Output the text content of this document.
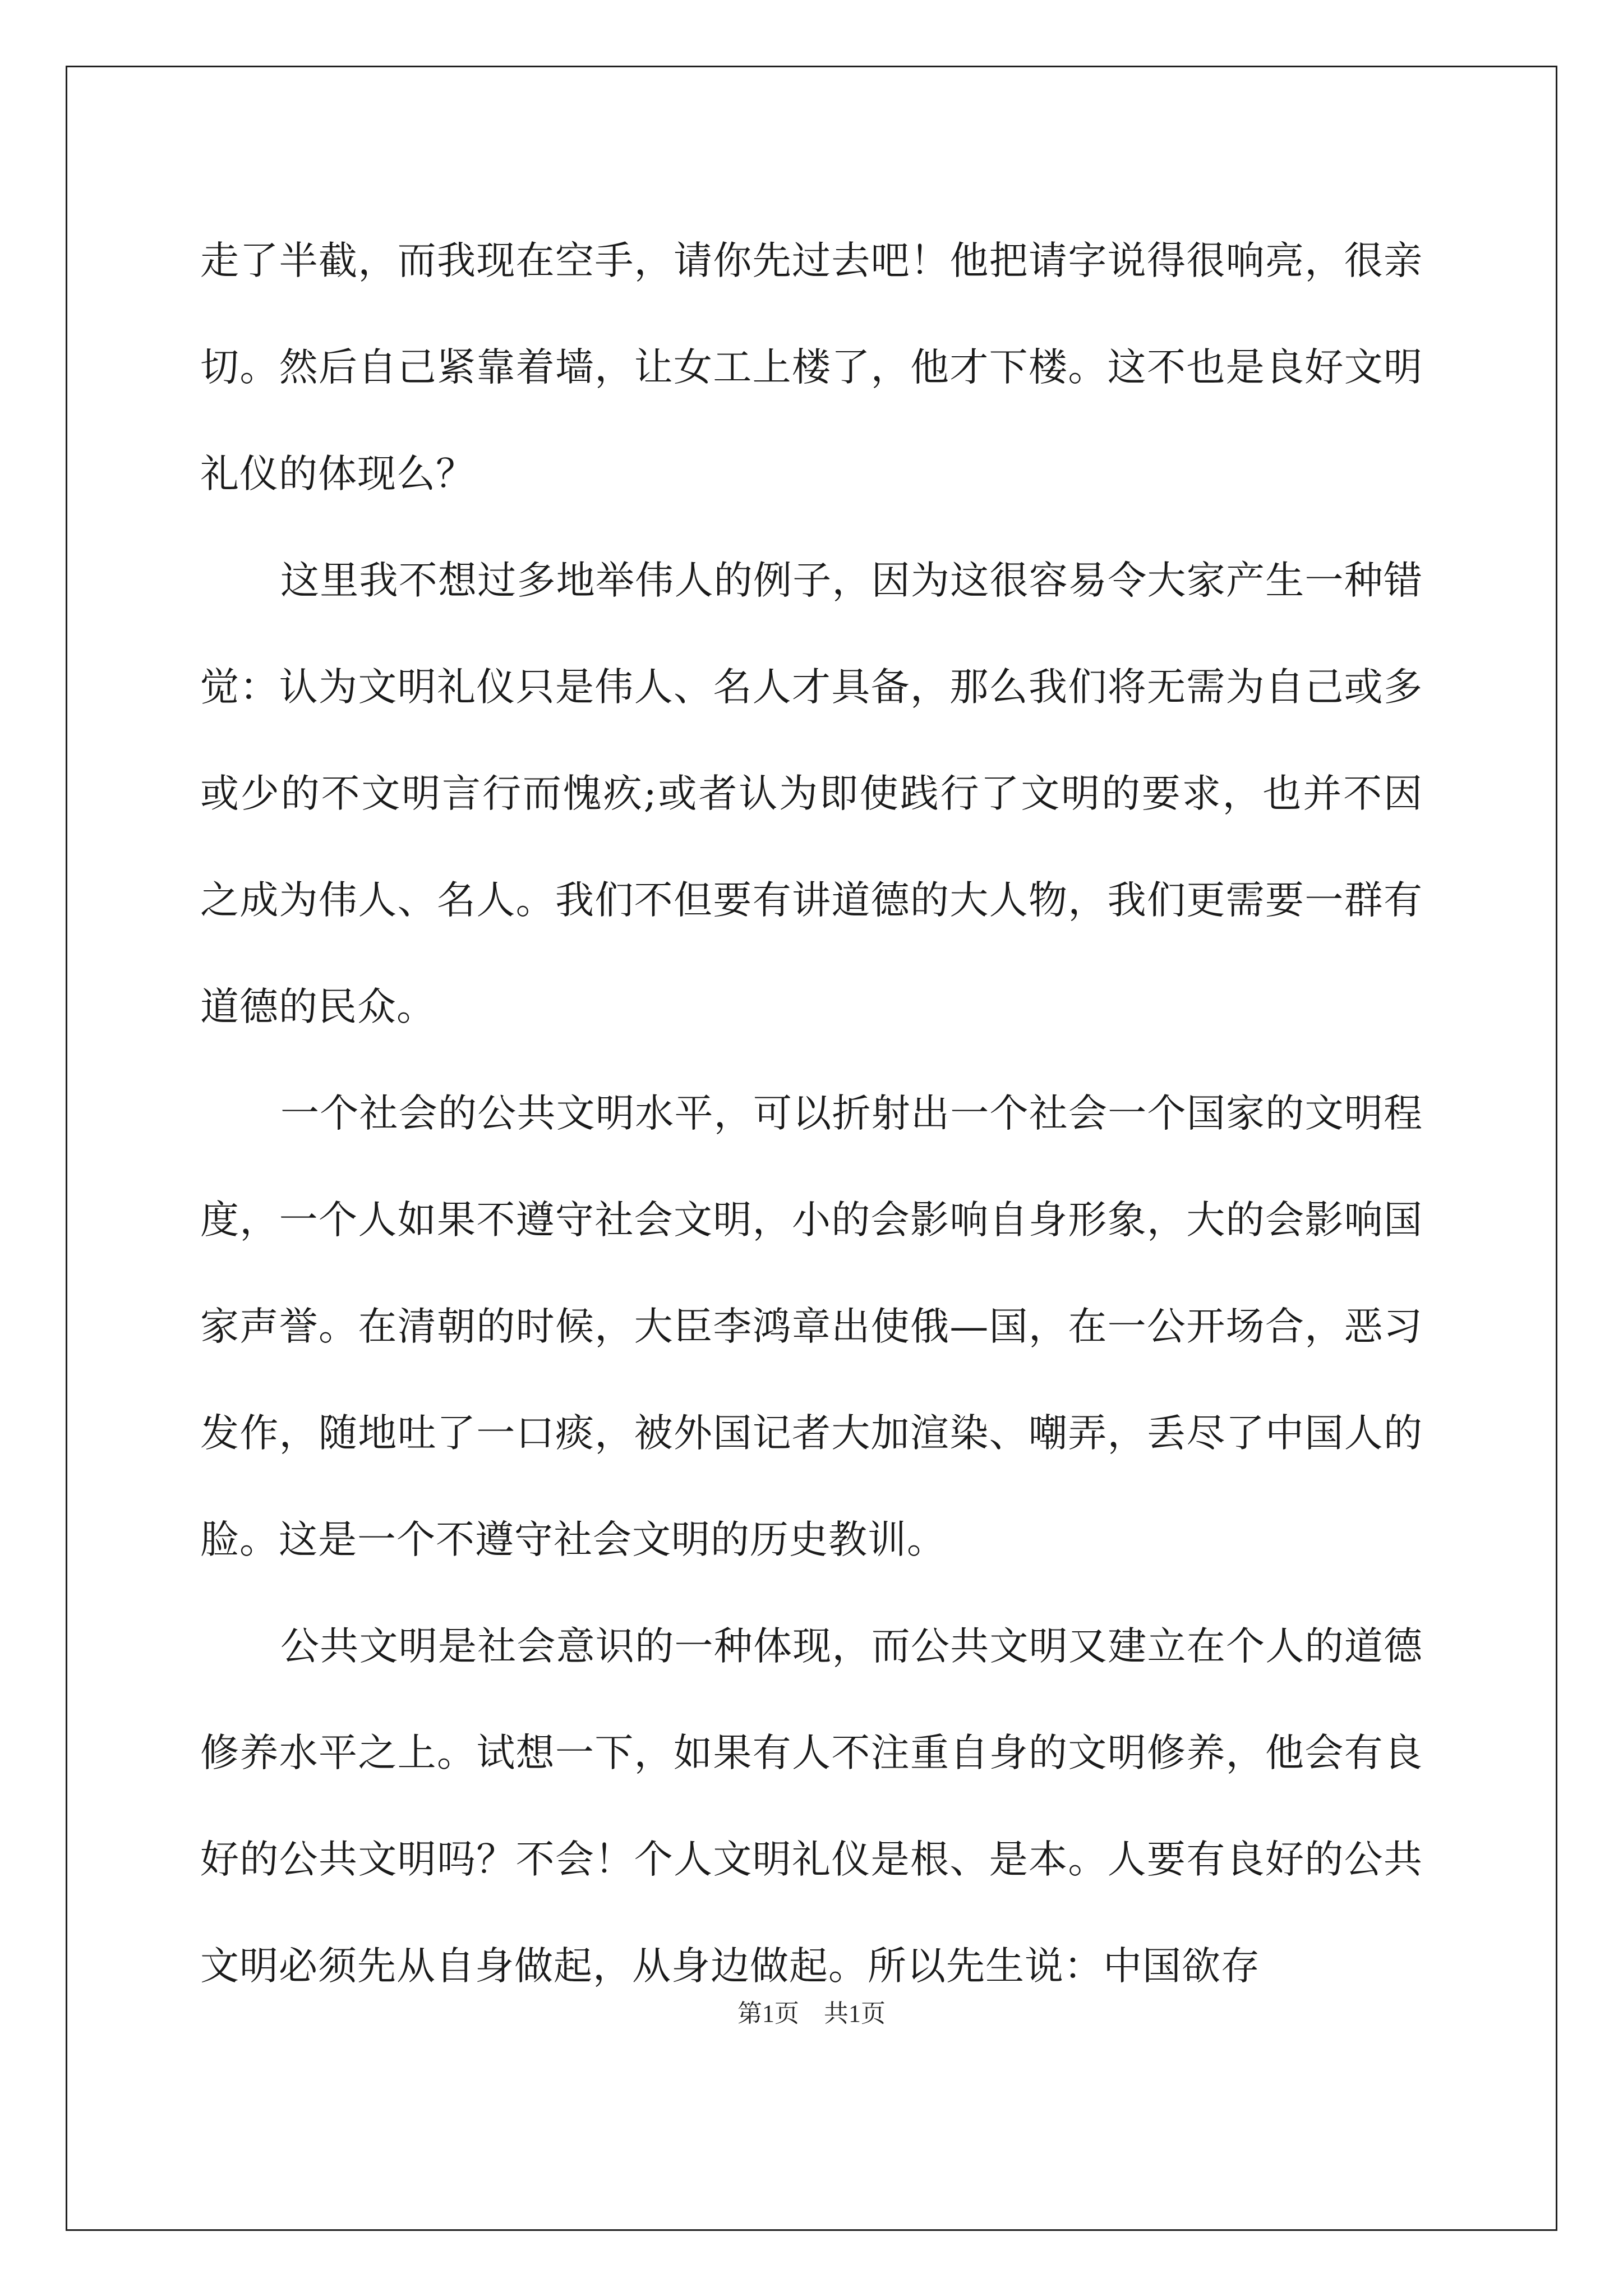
走了半截，而我现在空手，请你先过去吧！他把请字说得很响亮，很亲切。然后自己紧靠着墙，让女工上楼了，他才下楼。这不也是良好文明礼仪的体现么？

这里我不想过多地举伟人的例子，因为这很容易令大家产生一种错觉：认为文明礼仪只是伟人、名人才具备，那么我们将无需为自己或多或少的不文明言行而愧疚;或者认为即使践行了文明的要求，也并不因之成为伟人、名人。我们不但要有讲道德的大人物，我们更需要一群有道德的民众。

一个社会的公共文明水平，可以折射出一个社会一个国家的文明程度，一个人如果不遵守社会文明，小的会影响自身形象，大的会影响国家声誉。在清朝的时候，大臣李鸿章出使俄—国，在一公开场合，恶习发作，随地吐了一口痰，被外国记者大加渲染、嘲弄，丢尽了中国人的脸。这是一个不遵守社会文明的历史教训。

公共文明是社会意识的一种体现，而公共文明又建立在个人的道德修养水平之上。试想一下，如果有人不注重自身的文明修养，他会有良好的公共文明吗？不会！个人文明礼仪是根、是本。人要有良好的公共文明必须先从自身做起，从身边做起。所以先生说：中国欲存

第1页　共1页
